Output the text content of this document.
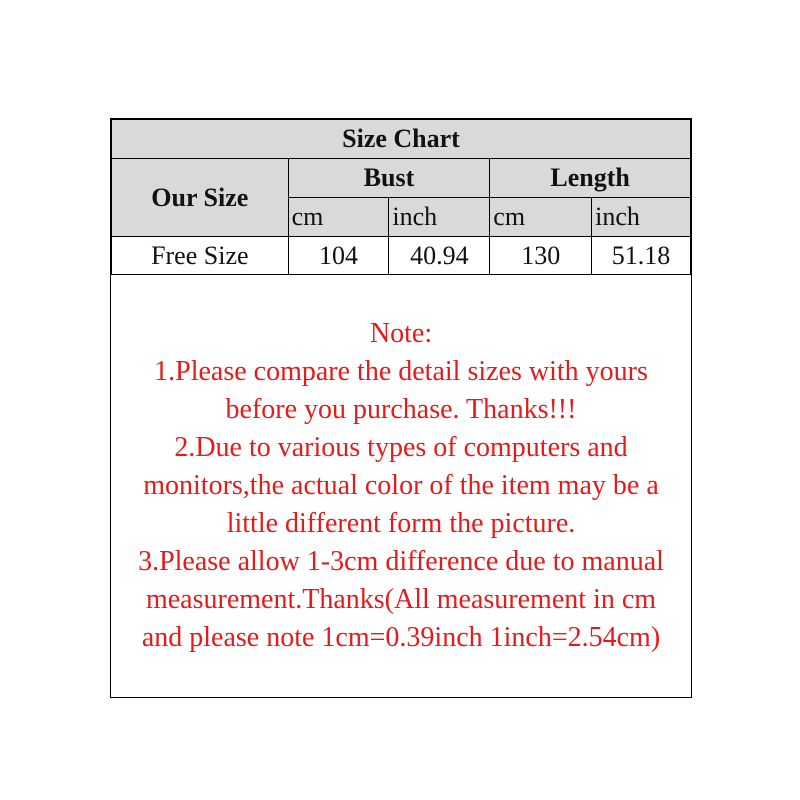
Size Chart				
Our Size	Bust		Length	
	cm	inch	cm	inch
Free Size	104	40.94	130	51.18
Note:
1.Please compare the detail sizes with yours
before you purchase. Thanks!!!
2.Due to various types of computers and
monitors,the actual color of the item may be a
little different form the picture.
3.Please allow 1-3cm difference due to manual
measurement.Thanks(All measurement in cm
and please note 1cm=0.39inch 1inch=2.54cm)
